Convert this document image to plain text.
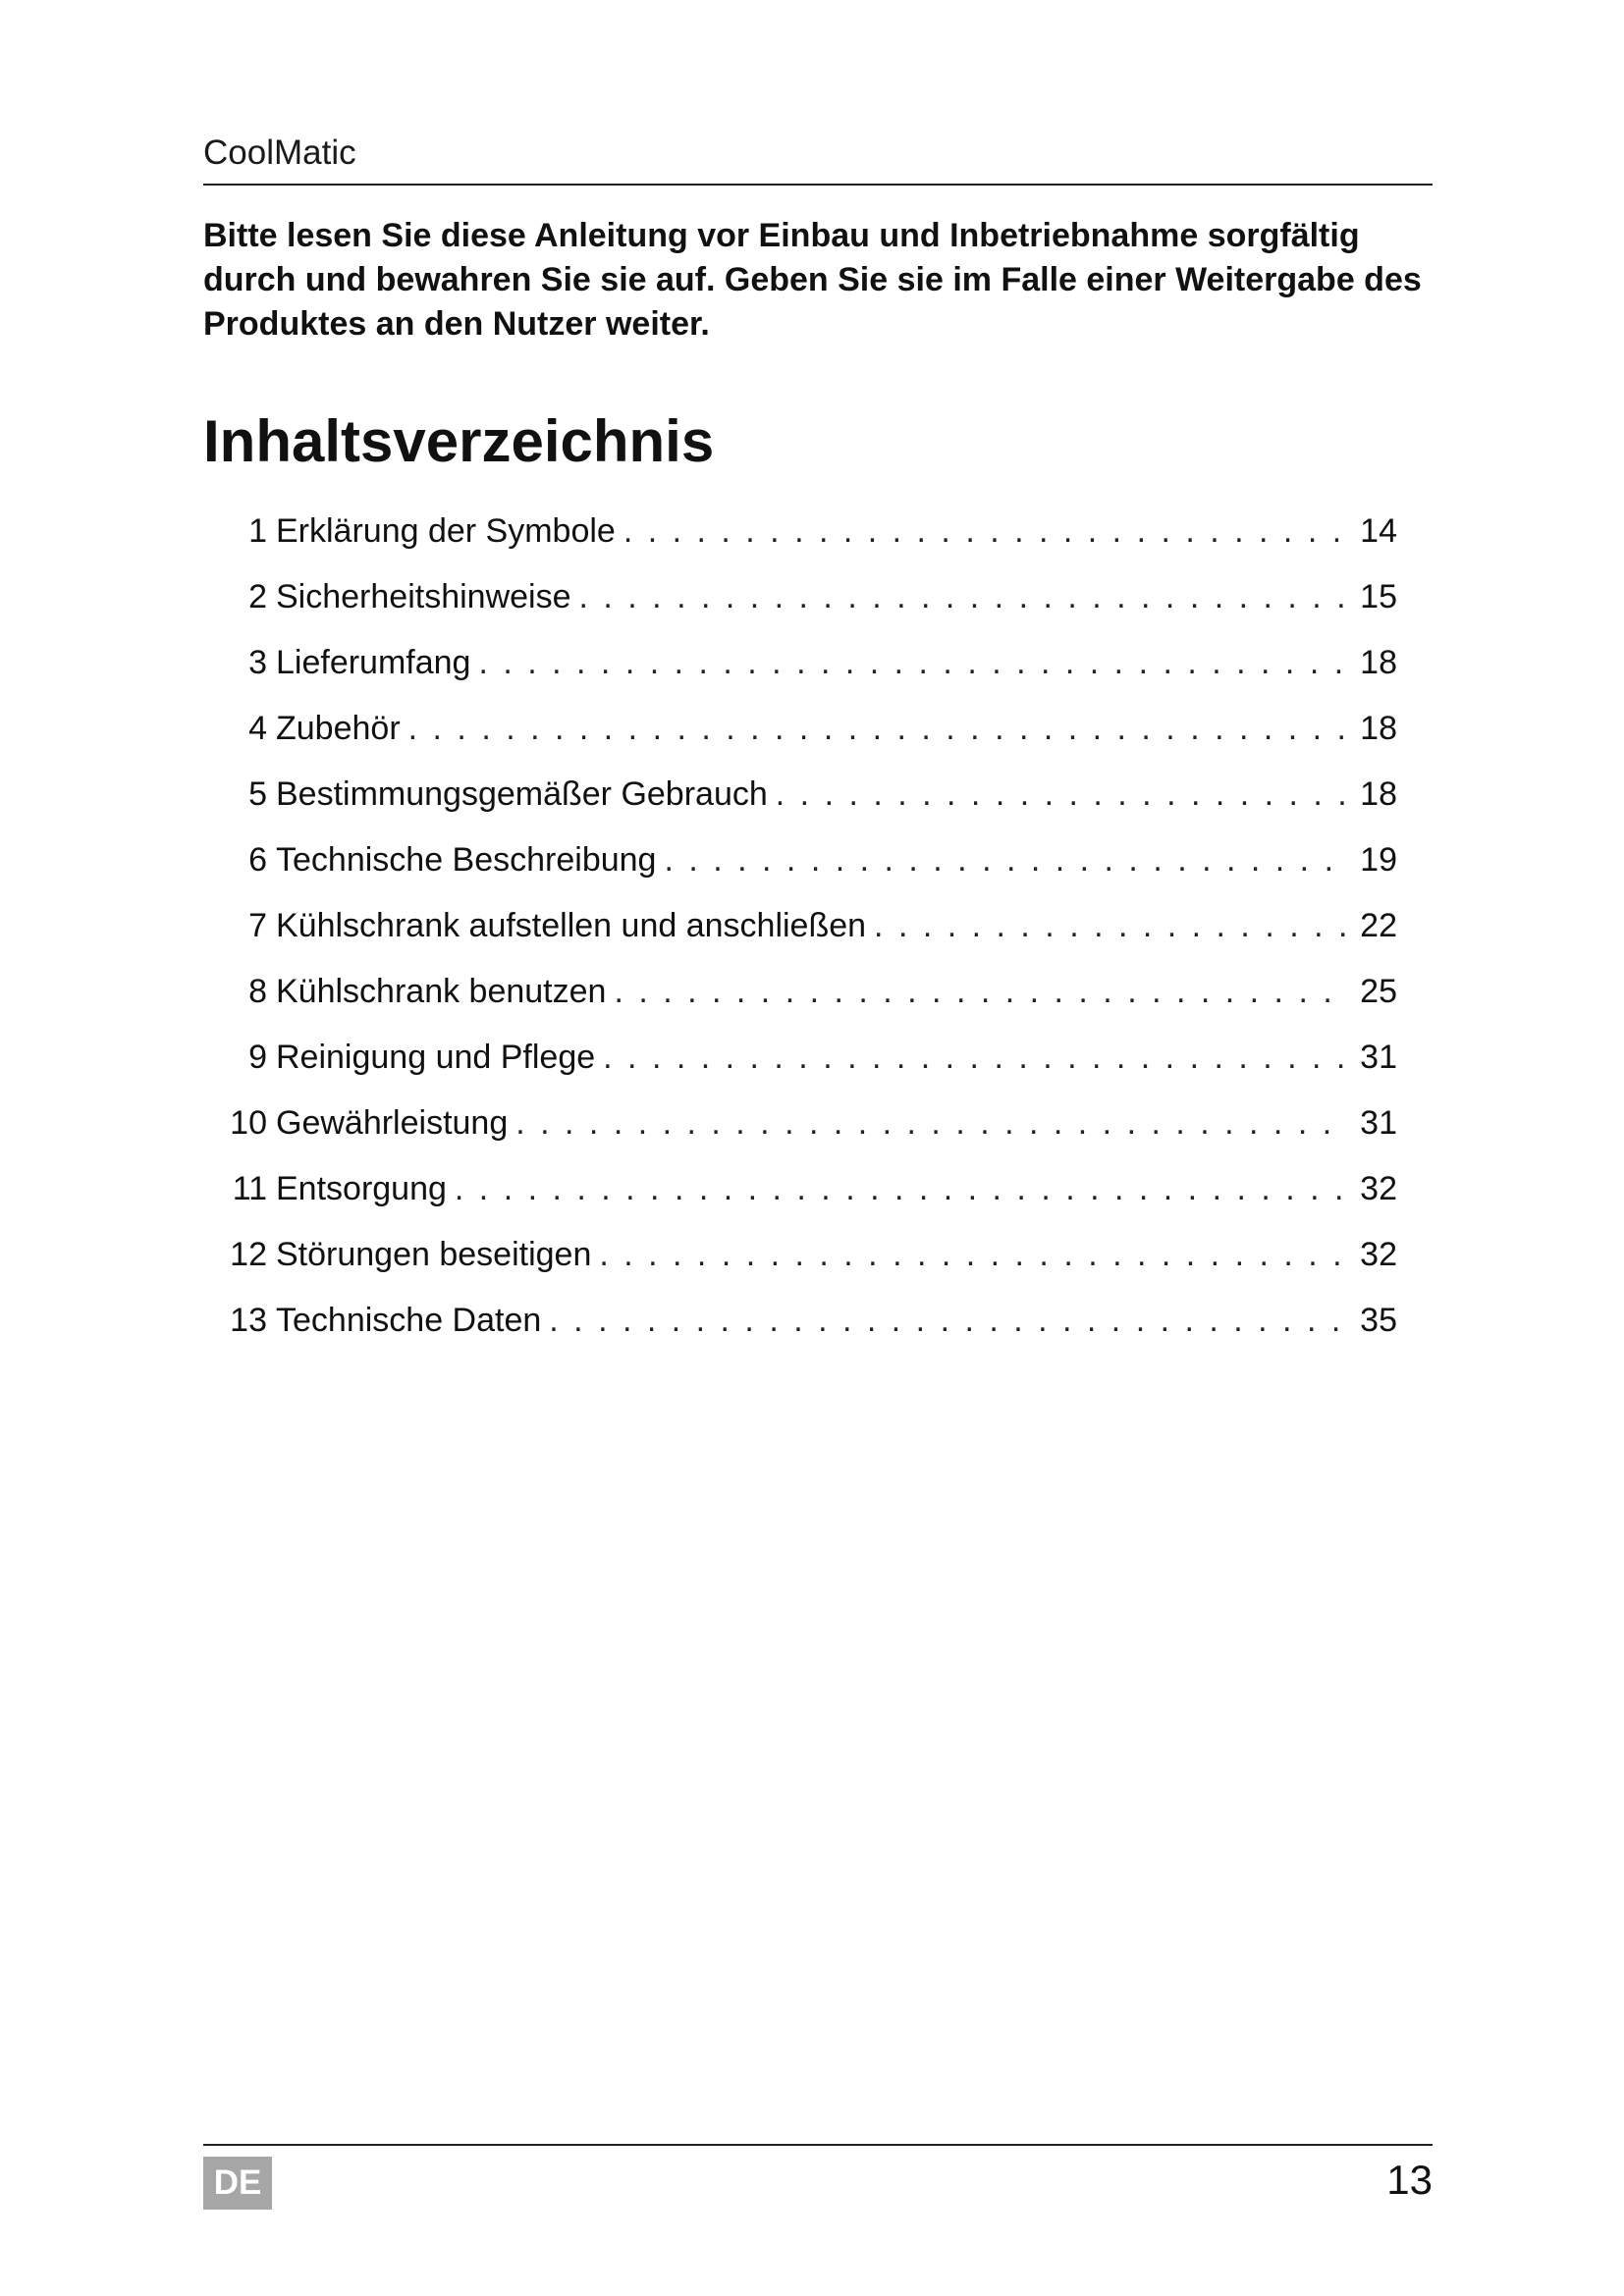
CoolMatic

Bitte lesen Sie diese Anleitung vor Einbau und Inbetriebnahme sorgfältig durch und bewahren Sie sie auf. Geben Sie sie im Falle einer Weitergabe des Produktes an den Nutzer weiter.

Inhaltsverzeichnis
1 Erklärung der Symbole . . .	14
2 Sicherheitshinweise . . .	15
3 Lieferumfang . . .	18
4 Zubehör . . .	18
5 Bestimmungsgemäßer Gebrauch . . .	18
6 Technische Beschreibung . . .	19
7 Kühlschrank aufstellen und anschließen . . .	22
8 Kühlschrank benutzen . . .	25
9 Reinigung und Pflege . . .	31
10 Gewährleistung . . .	31
11 Entsorgung . . .	32
12 Störungen beseitigen . . .	32
13 Technische Daten . . .	35
DE	13
